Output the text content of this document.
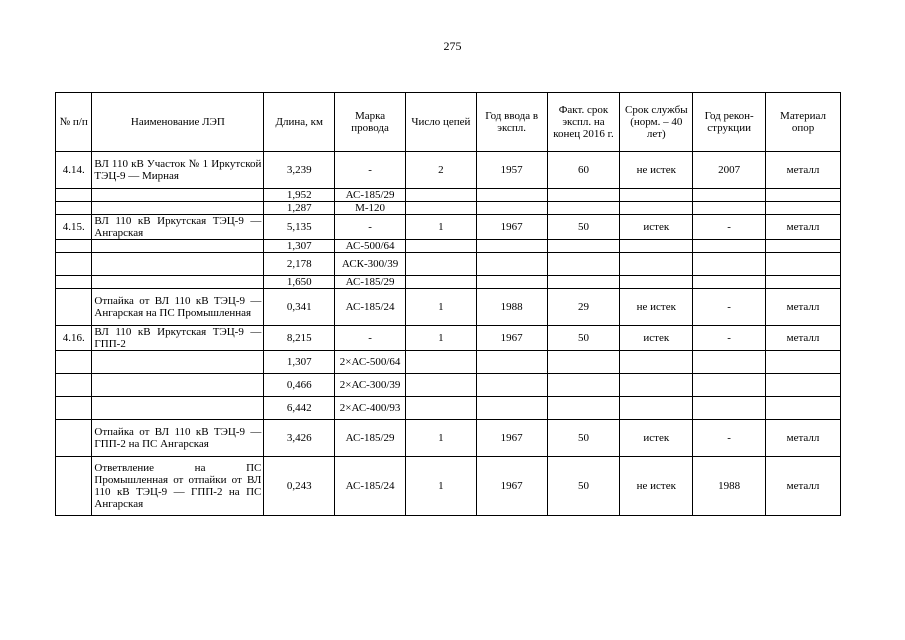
275
№ п/п	Наименование ЛЭП	Длина, км	Марка провода	Число цепей	Год ввода в экспл.	Факт. срок экспл. на конец 2016 г.	Срок службы (норм. – 40 лет)	Год рекон-струкции	Материал опор
4.14.	ВЛ 110 кВ Участок № 1 Иркутской ТЭЦ-9 — Мирная	3,239	-	2	1957	60	не истек	2007	металл
		1,952	АС-185/29						
		1,287	М-120						
4.15.	ВЛ 110 кВ Иркутская ТЭЦ-9 — Ангарская	5,135	-	1	1967	50	истек	-	металл
		1,307	АС-500/64						
		2,178	АСК-300/39						
		1,650	АС-185/29						
	Отпайка от ВЛ 110 кВ ТЭЦ-9 — Ангарская на ПС Промышленная	0,341	АС-185/24	1	1988	29	не истек	-	металл
4.16.	ВЛ 110 кВ Иркутская ТЭЦ-9 — ГПП-2	8,215	-	1	1967	50	истек	-	металл
		1,307	2×АС-500/64						
		0,466	2×АС-300/39						
		6,442	2×АС-400/93						
	Отпайка от ВЛ 110 кВ ТЭЦ-9 — ГПП-2 на ПС Ангарская	3,426	АС-185/29	1	1967	50	истек	-	металл
	Ответвление на ПС Промышленная от отпайки от ВЛ 110 кВ ТЭЦ-9 — ГПП-2 на ПС Ангарская	0,243	АС-185/24	1	1967	50	не истек	1988	металл
